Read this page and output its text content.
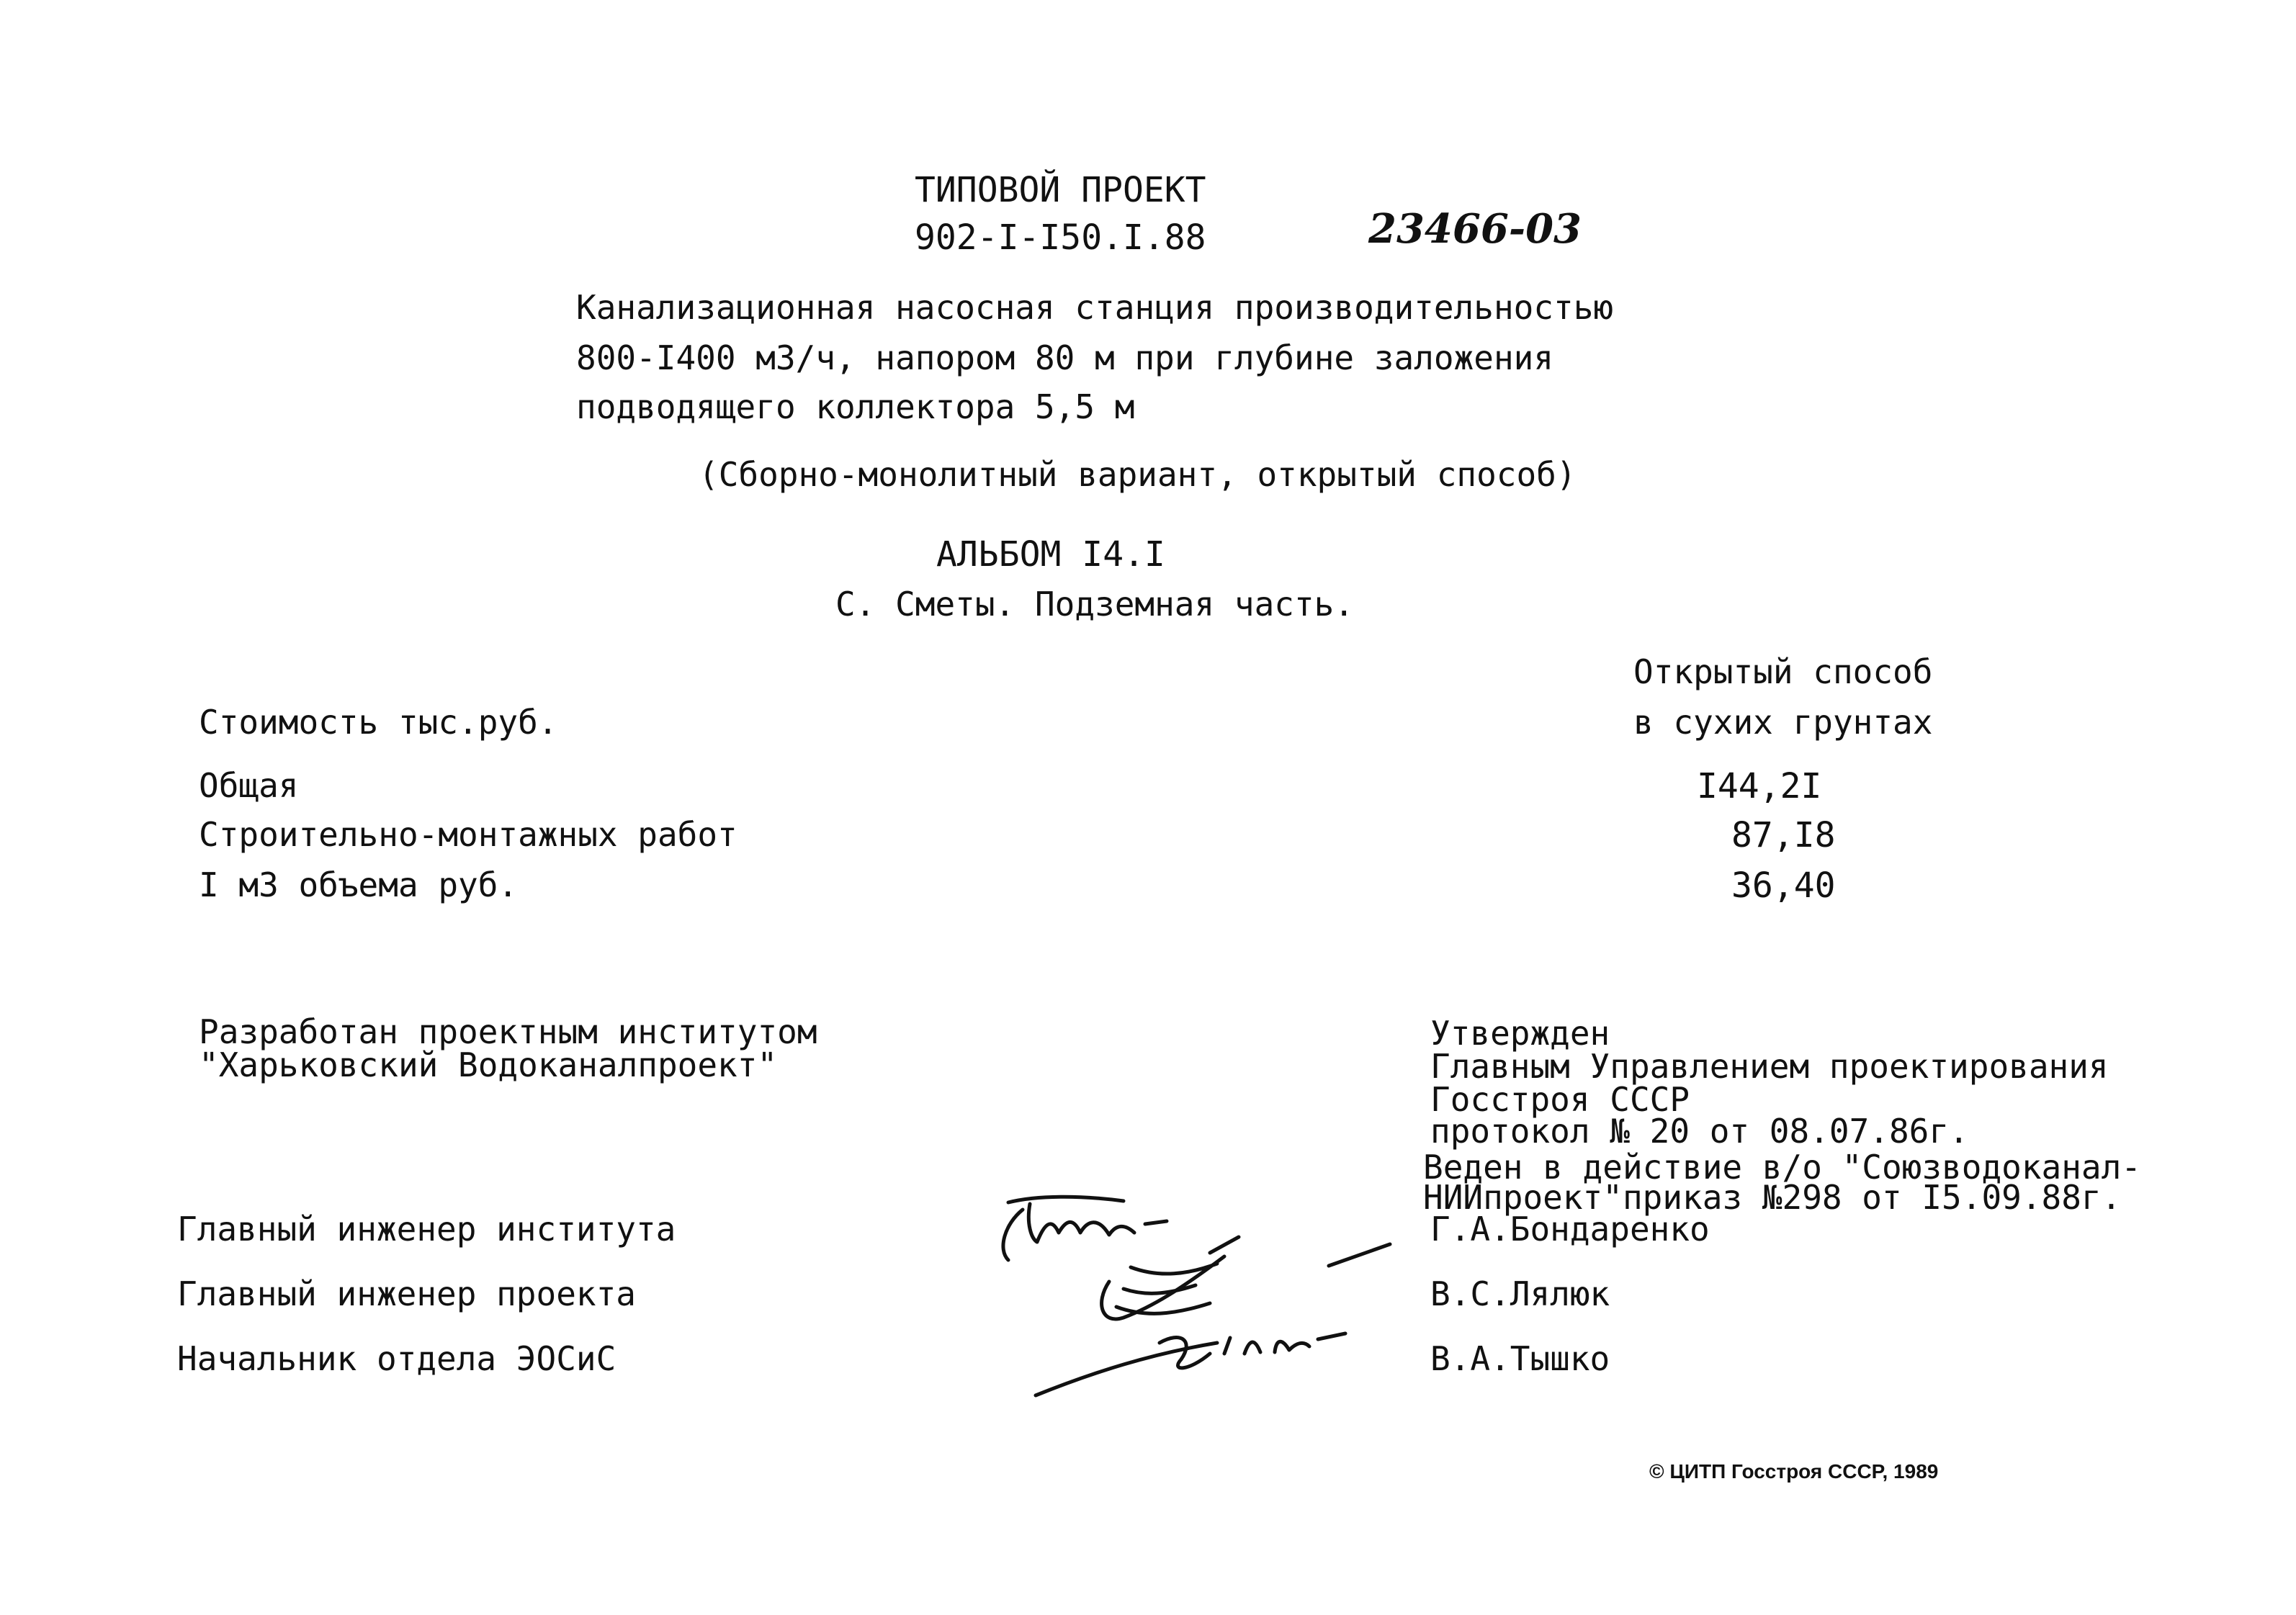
ТИПОВОЙ ПРОЕКТ
902-I-I50.I.88	23466-03
Канализационная насосная станция производительностью
800-I400 м3/ч, напором 80 м при глубине заложения
подводящего коллектора 5,5 м
(Сборно-монолитный вариант, открытый способ)
АЛЬБОМ I4.I
С. Сметы. Подземная часть.
Открытый способ
в сухих грунтах
Стоимость тыс.руб.
Общая	I44,2I
Строительно-монтажных работ	87,I8
I м3 объема руб.	36,40
Разработан проектным институтом
"Харьковский Водоканалпроект"
Утвержден
Главным Управлением проектирования
Госстроя СССР
протокол № 20 от 08.07.86г.
Веден в действие в/о "Союзводоканал-
НИИпроект"приказ №298 от I5.09.88г.
Главный инженер института	Г.А.Бондаренко
Главный инженер проекта	В.С.Лялюк
Начальник отдела ЭОСиС	В.А.Тышко
© ЦИТП Госстроя СССР, 1989
